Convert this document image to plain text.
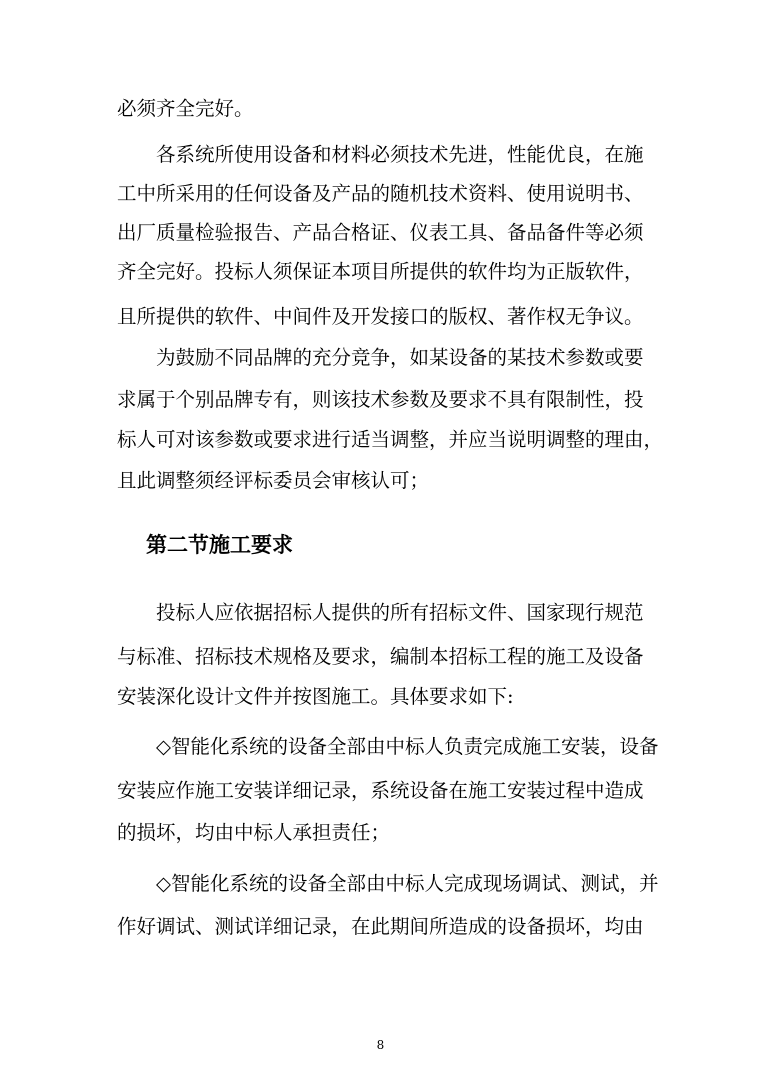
必须齐全完好。
各系统所使用设备和材料必须技术先进，性能优良，在施
工中所采用的任何设备及产品的随机技术资料、使用说明书、
出厂质量检验报告、产品合格证、仪表工具、备品备件等必须
齐全完好。投标人须保证本项目所提供的软件均为正版软件，
且所提供的软件、中间件及开发接口的版权、著作权无争议。
为鼓励不同品牌的充分竞争，如某设备的某技术参数或要
求属于个别品牌专有，则该技术参数及要求不具有限制性，投
标人可对该参数或要求进行适当调整，并应当说明调整的理由，
且此调整须经评标委员会审核认可；
第二节施工要求
投标人应依据招标人提供的所有招标文件、国家现行规范
与标准、招标技术规格及要求，编制本招标工程的施工及设备
安装深化设计文件并按图施工。具体要求如下:
◇智能化系统的设备全部由中标人负责完成施工安装，设备
安装应作施工安装详细记录，系统设备在施工安装过程中造成
的损坏，均由中标人承担责任；
◇智能化系统的设备全部由中标人完成现场调试、测试，并
作好调试、测试详细记录，在此期间所造成的设备损坏，均由
8
